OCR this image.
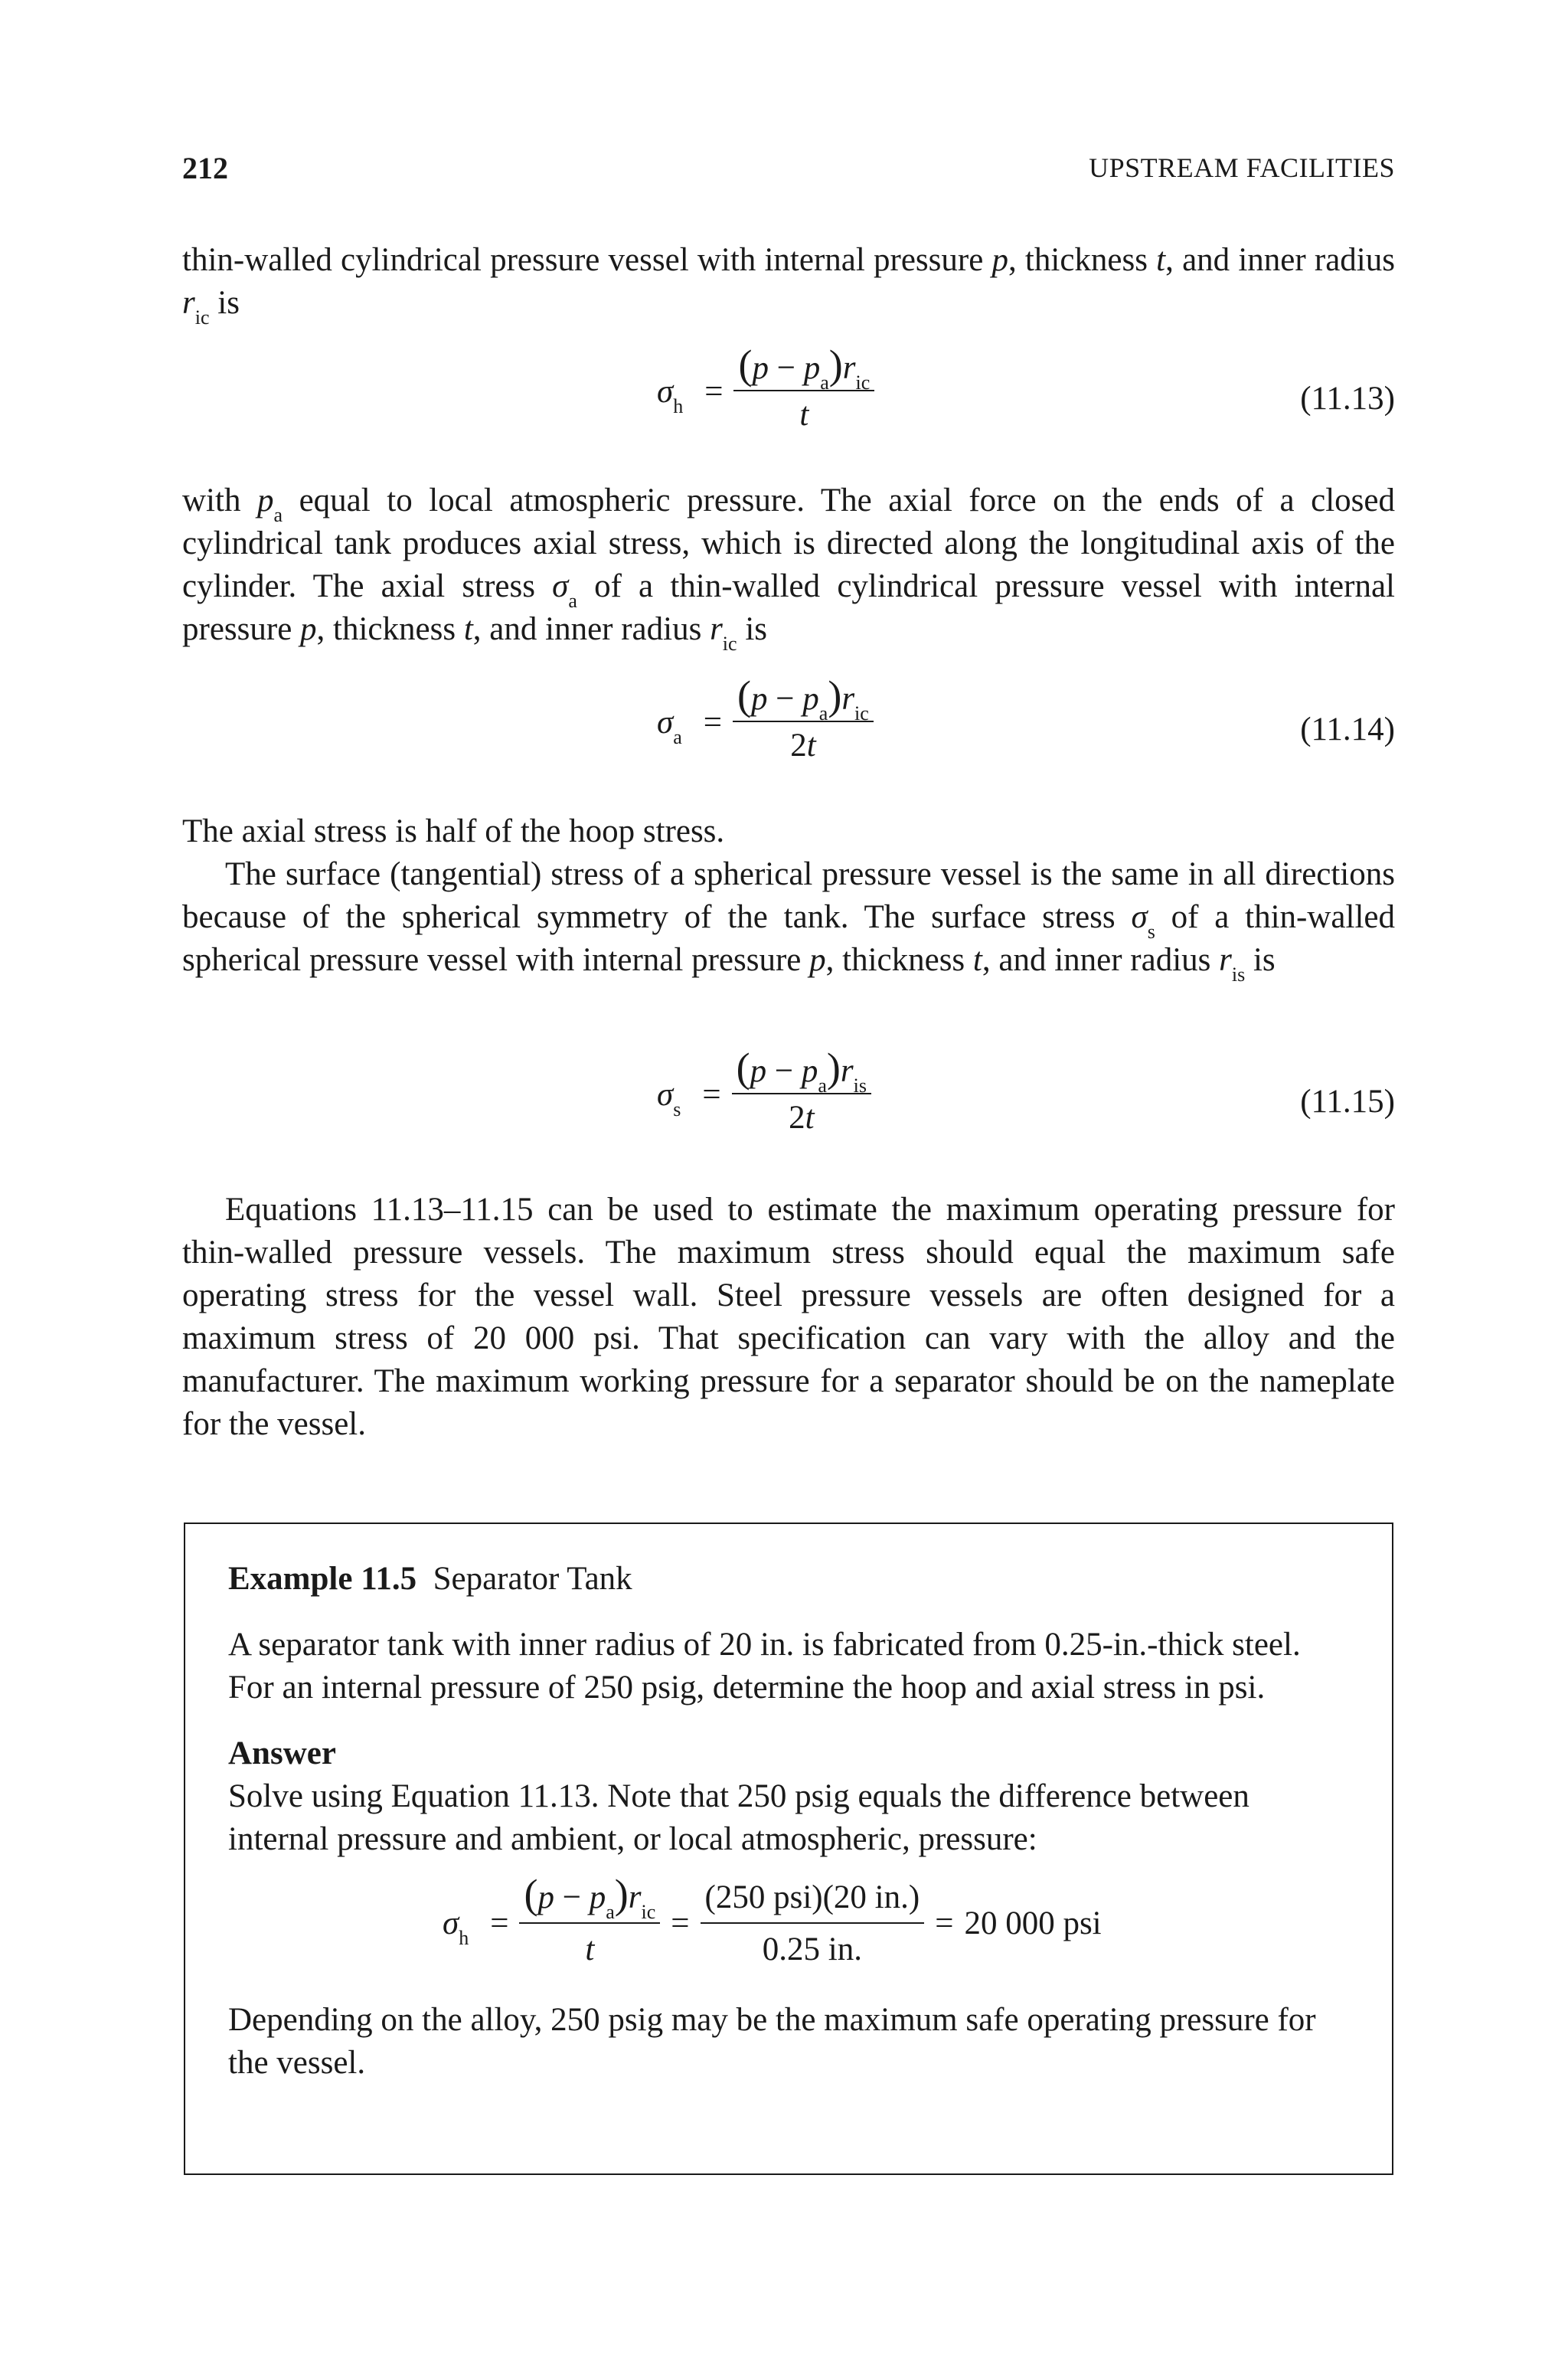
212	UPSTREAM FACILITIES

thin-walled cylindrical pressure vessel with internal pressure p, thickness t, and inner radius $r_{ic}$ is

$\sigma_h = \frac{(p - p_a)r_{ic}}{t}$	(11.13)

with $p_a$ equal to local atmospheric pressure. The axial force on the ends of a closed cylindrical tank produces axial stress, which is directed along the longitudinal axis of the cylinder. The axial stress $\sigma_a$ of a thin-walled cylindrical pressure vessel with internal pressure p, thickness t, and inner radius $r_{ic}$ is

$\sigma_a = \frac{(p - p_a)r_{ic}}{2t}$	(11.14)

The axial stress is half of the hoop stress.

The surface (tangential) stress of a spherical pressure vessel is the same in all directions because of the spherical symmetry of the tank. The surface stress $\sigma_s$ of a thin-walled spherical pressure vessel with internal pressure p, thickness t, and inner radius $r_{is}$ is

$\sigma_s = \frac{(p - p_a)r_{is}}{2t}$	(11.15)

Equations 11.13–11.15 can be used to estimate the maximum operating pressure for thin-walled pressure vessels. The maximum stress should equal the maximum safe operating stress for the vessel wall. Steel pressure vessels are often designed for a maximum stress of 20 000 psi. That specification can vary with the alloy and the manufacturer. The maximum working pressure for a separator should be on the nameplate for the vessel.

Example 11.5  Separator Tank

A separator tank with inner radius of 20 in. is fabricated from 0.25-in.-thick steel. For an internal pressure of 250 psig, determine the hoop and axial stress in psi.

Answer

Solve using Equation 11.13. Note that 250 psig equals the difference between internal pressure and ambient, or local atmospheric, pressure:

$\sigma_h = \frac{(p - p_a)r_{ic}}{t} = \frac{\text{(250 psi)(20 in.)}}{0.25 in.} = 20$ 000 psi

Depending on the alloy, 250 psig may be the maximum safe operating pressure for the vessel.
